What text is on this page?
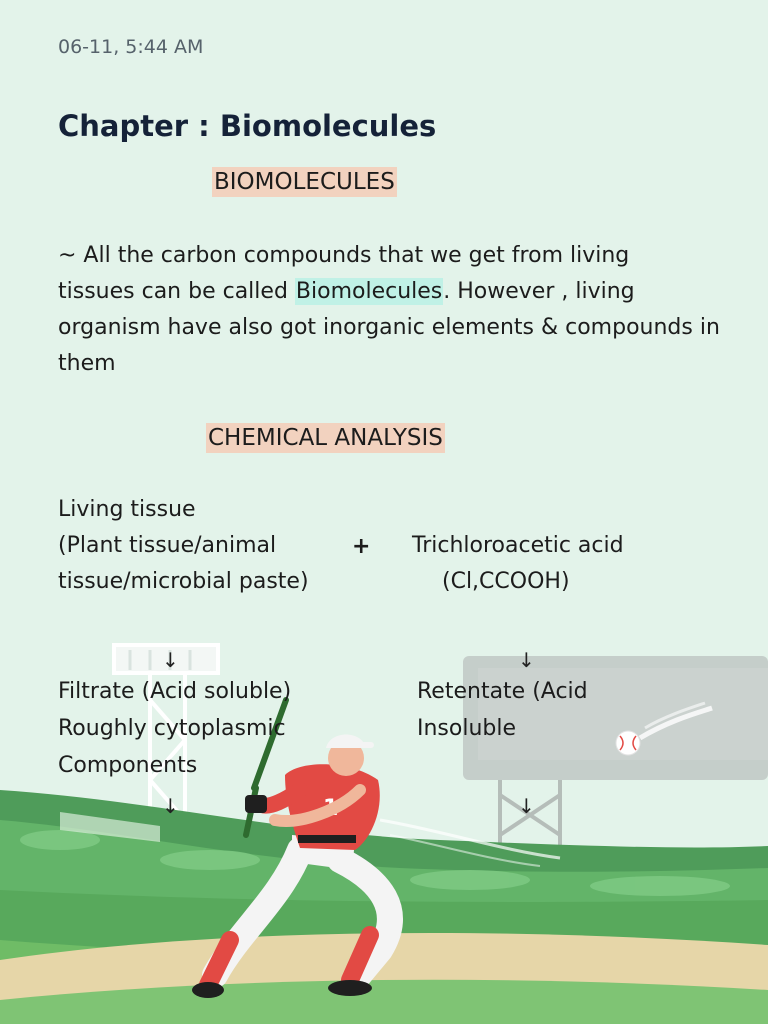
1
06-11, 5:44 AM
Chapter : Biomolecules
BIOMOLECULES
~ All the carbon compounds that we get from living
tissues can be called Biomolecules. However , living
organism have also got inorganic elements & compounds in
them
CHEMICAL ANALYSIS
Living tissue
(Plant tissue/animal
tissue/microbial paste)
+ Trichloroacetic acid
(Cl,CCOOH)
↓	↓
Filtrate (Acid soluble)
Roughly cytoplasmic
Components
Retentate (Acid
Insoluble
↓	↓
